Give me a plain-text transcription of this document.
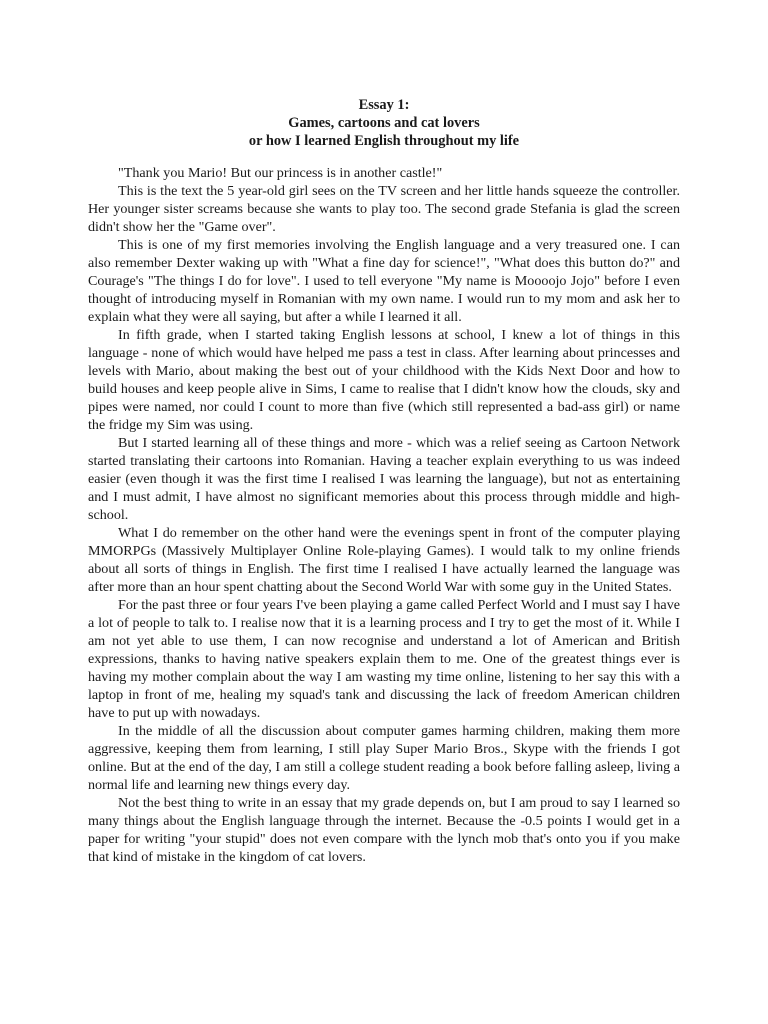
Essay 1:
Games, cartoons and cat lovers
or how I learned English throughout my life

"Thank you Mario! But our princess is in another castle!"

This is the text the 5 year-old girl sees on the TV screen and her little hands squeeze the controller. Her younger sister screams because she wants to play too. The second grade Stefania is glad the screen didn't show her the "Game over".

This is one of my first memories involving the English language and a very treasured one. I can also remember Dexter waking up with "What a fine day for science!", "What does this button do?" and Courage's "The things I do for love". I used to tell everyone "My name is Moooojo Jojo" before I even thought of introducing myself in Romanian with my own name. I would run to my mom and ask her to explain what they were all saying, but after a while I learned it all.

In fifth grade, when I started taking English lessons at school, I knew a lot of things in this language - none of which would have helped me pass a test in class. After learning about princesses and levels with Mario, about making the best out of your childhood with the Kids Next Door and how to build houses and keep people alive in Sims, I came to realise that I didn't know how the clouds, sky and pipes were named, nor could I count to more than five (which still represented a bad-ass girl) or name the fridge my Sim was using.

But I started learning all of these things and more - which was a relief seeing as Cartoon Network started translating their cartoons into Romanian. Having a teacher explain everything to us was indeed easier (even though it was the first time I realised I was learning the language), but not as entertaining and I must admit, I have almost no significant memories about this process through middle and high-school.

What I do remember on the other hand were the evenings spent in front of the computer playing MMORPGs (Massively Multiplayer Online Role-playing Games). I would talk to my online friends about all sorts of things in English. The first time I realised I have actually learned the language was after more than an hour spent chatting about the Second World War with some guy in the United States.

For the past three or four years I've been playing a game called Perfect World and I must say I have a lot of people to talk to. I realise now that it is a learning process and I try to get the most of it. While I am not yet able to use them, I can now recognise and understand a lot of American and British expressions, thanks to having native speakers explain them to me. One of the greatest things ever is having my mother complain about the way I am wasting my time online, listening to her say this with a laptop in front of me, healing my squad's tank and discussing the lack of freedom American children have to put up with nowadays.

In the middle of all the discussion about computer games harming children, making them more aggressive, keeping them from learning, I still play Super Mario Bros., Skype with the friends I got online. But at the end of the day, I am still a college student reading a book before falling asleep, living a normal life and learning new things every day.

Not the best thing to write in an essay that my grade depends on, but I am proud to say I learned so many things about the English language through the internet. Because the -0.5 points I would get in a paper for writing "your stupid" does not even compare with the lynch mob that's onto you if you make that kind of mistake in the kingdom of cat lovers.
